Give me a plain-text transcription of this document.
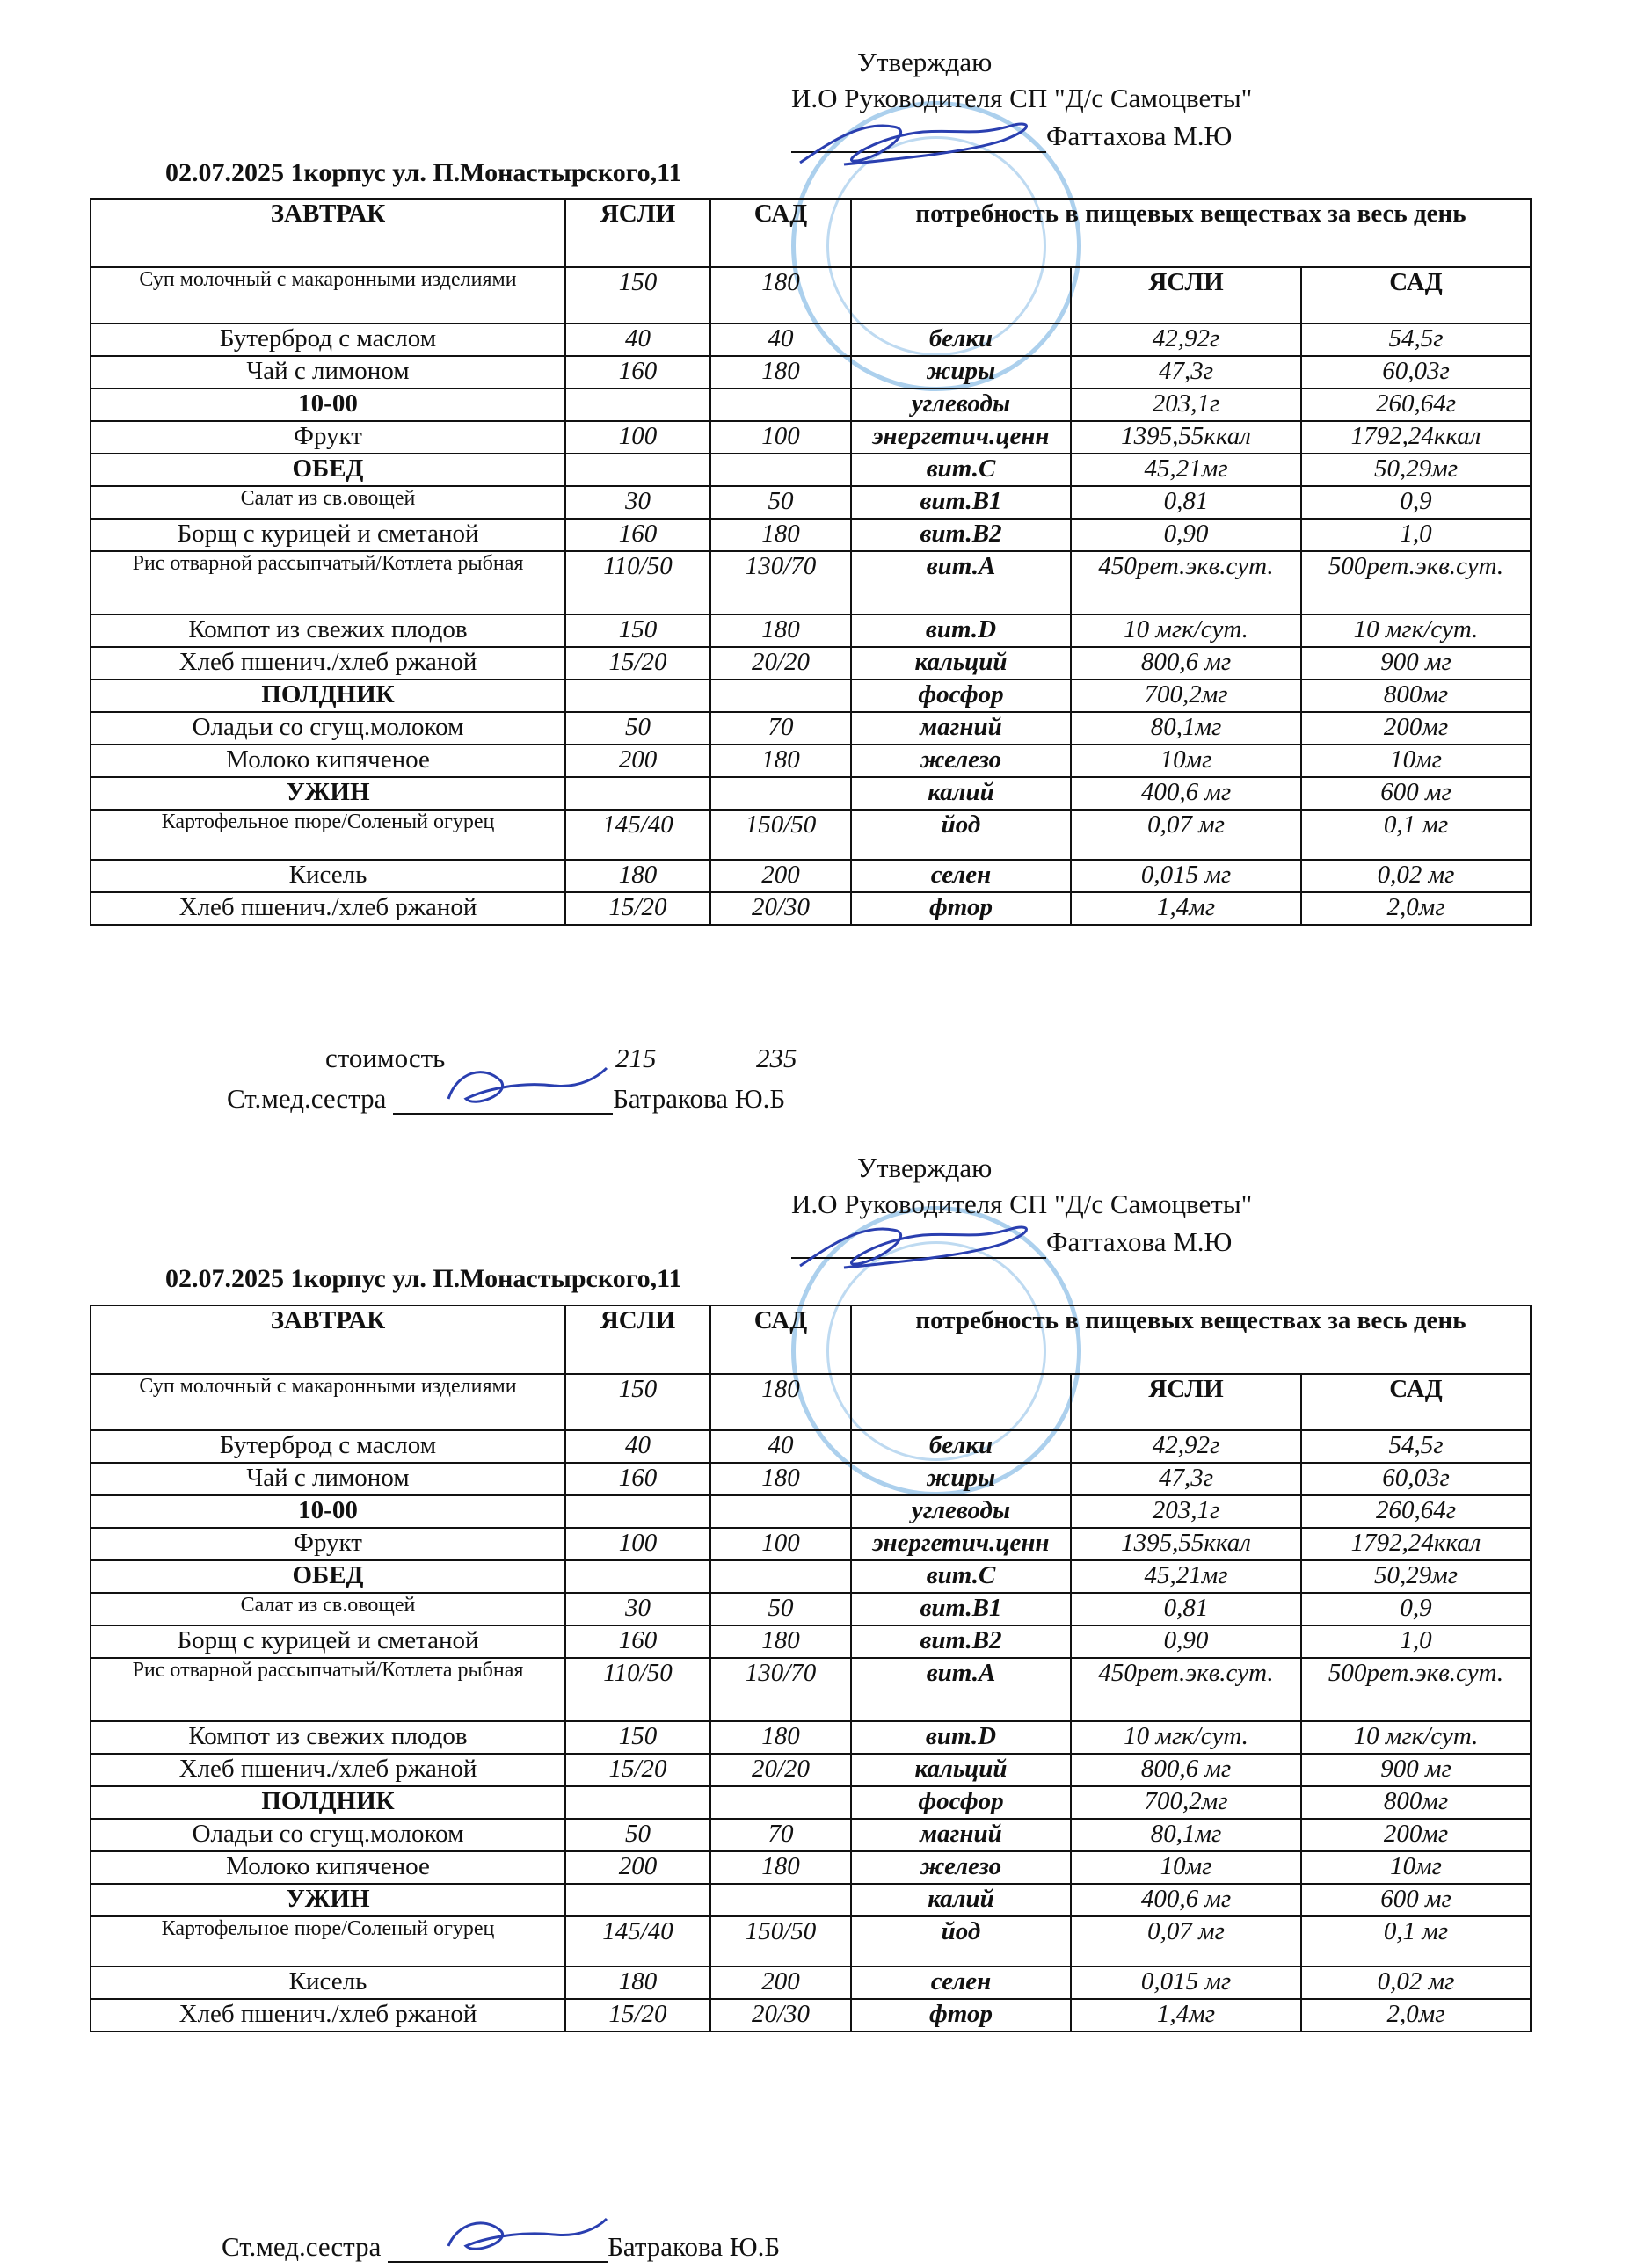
Утверждаю
И.О Руководителя СП "Д/с Самоцветы"
Фаттахова М.Ю
02.07.2025 1корпус ул. П.Монастырского,11
ЗАВТРАК	ЯСЛИ	САД	потребность в пищевых веществах за весь день		
Суп молочный с макаронными изделиями	150	180		ЯСЛИ	САД
Бутерброд с маслом	40	40	белки	42,92г	54,5г
Чай с лимоном	160	180	жиры	47,3г	60,03г
10-00			углеводы	203,1г	260,64г
Фрукт	100	100	энергетич.ценн	1395,55ккал	1792,24ккал
ОБЕД			вит.С	45,21мг	50,29мг
Салат из св.овощей	30	50	вит.В1	0,81	0,9
Борщ с курицей и сметаной	160	180	вит.В2	0,90	1,0
Рис отварной рассыпчатый/Котлета рыбная	110/50	130/70	вит.А	450рет.экв.сут.	500рет.экв.сут.
Компот из свежих плодов	150	180	вит.D	10 мгк/сут.	10 мгк/сут.
Хлеб пшенич./хлеб ржаной	15/20	20/20	кальций	800,6 мг	900 мг
ПОЛДНИК			фосфор	700,2мг	800мг
Оладьи со сгущ.молоком	50	70	магний	80,1мг	200мг
Молоко кипяченое	200	180	железо	10мг	10мг
УЖИН			калий	400,6 мг	600 мг
Картофельное пюре/Соленый огурец	145/40	150/50	йод	0,07 мг	0,1 мг
Кисель	180	200	селен	0,015 мг	0,02 мг
Хлеб пшенич./хлеб ржаной	15/20	20/30	фтор	1,4мг	2,0мг
стоимость	215	235
Ст.мед.сестра	Батракова Ю.Б
Утверждаю
И.О Руководителя СП "Д/с Самоцветы"
Фаттахова М.Ю
02.07.2025 1корпус ул. П.Монастырского,11
ЗАВТРАК	ЯСЛИ	САД	потребность в пищевых веществах за весь день		
Суп молочный с макаронными изделиями	150	180		ЯСЛИ	САД
Бутерброд с маслом	40	40	белки	42,92г	54,5г
Чай с лимоном	160	180	жиры	47,3г	60,03г
10-00			углеводы	203,1г	260,64г
Фрукт	100	100	энергетич.ценн	1395,55ккал	1792,24ккал
ОБЕД			вит.С	45,21мг	50,29мг
Салат из св.овощей	30	50	вит.В1	0,81	0,9
Борщ с курицей и сметаной	160	180	вит.В2	0,90	1,0
Рис отварной рассыпчатый/Котлета рыбная	110/50	130/70	вит.А	450рет.экв.сут.	500рет.экв.сут.
Компот из свежих плодов	150	180	вит.D	10 мгк/сут.	10 мгк/сут.
Хлеб пшенич./хлеб ржаной	15/20	20/20	кальций	800,6 мг	900 мг
ПОЛДНИК			фосфор	700,2мг	800мг
Оладьи со сгущ.молоком	50	70	магний	80,1мг	200мг
Молоко кипяченое	200	180	железо	10мг	10мг
УЖИН			калий	400,6 мг	600 мг
Картофельное пюре/Соленый огурец	145/40	150/50	йод	0,07 мг	0,1 мг
Кисель	180	200	селен	0,015 мг	0,02 мг
Хлеб пшенич./хлеб ржаной	15/20	20/30	фтор	1,4мг	2,0мг
Ст.мед.сестра	Батракова Ю.Б
